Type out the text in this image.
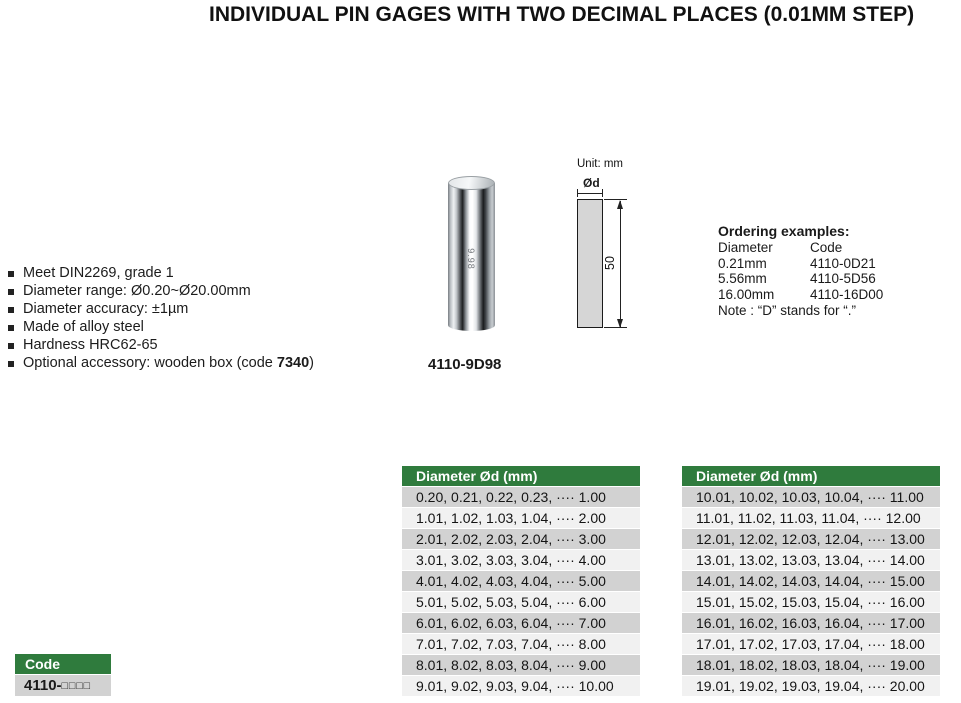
INDIVIDUAL PIN GAGES WITH TWO DECIMAL PLACES (0.01MM STEP)
Meet DIN2269, grade 1
Diameter range: Ø0.20~Ø20.00mm
Diameter accuracy: ±1µm
Made of alloy steel
Hardness HRC62-65
Optional accessory: wooden box (code 7340)
9.98
4110-9D98
Unit: mm
Ød
50
Ordering examples:
Diameter	Code
0.21mm	4110-0D21
5.56mm	4110-5D56
16.00mm	4110-16D00
Note : “D” stands for “.”
Diameter Ød (mm)
0.20, 0.21, 0.22, 0.23, ···· 1.00
1.01, 1.02, 1.03, 1.04, ···· 2.00
2.01, 2.02, 2.03, 2.04, ···· 3.00
3.01, 3.02, 3.03, 3.04, ···· 4.00
4.01, 4.02, 4.03, 4.04, ···· 5.00
5.01, 5.02, 5.03, 5.04, ···· 6.00
6.01, 6.02, 6.03, 6.04, ···· 7.00
7.01, 7.02, 7.03, 7.04, ···· 8.00
8.01, 8.02, 8.03, 8.04, ···· 9.00
9.01, 9.02, 9.03, 9.04, ···· 10.00
Diameter Ød (mm)
10.01, 10.02, 10.03, 10.04, ···· 11.00
11.01, 11.02, 11.03, 11.04, ···· 12.00
12.01, 12.02, 12.03, 12.04, ···· 13.00
13.01, 13.02, 13.03, 13.04, ···· 14.00
14.01, 14.02, 14.03, 14.04, ···· 15.00
15.01, 15.02, 15.03, 15.04, ···· 16.00
16.01, 16.02, 16.03, 16.04, ···· 17.00
17.01, 17.02, 17.03, 17.04, ···· 18.00
18.01, 18.02, 18.03, 18.04, ···· 19.00
19.01, 19.02, 19.03, 19.04, ···· 20.00
Code
4110-□□□□
